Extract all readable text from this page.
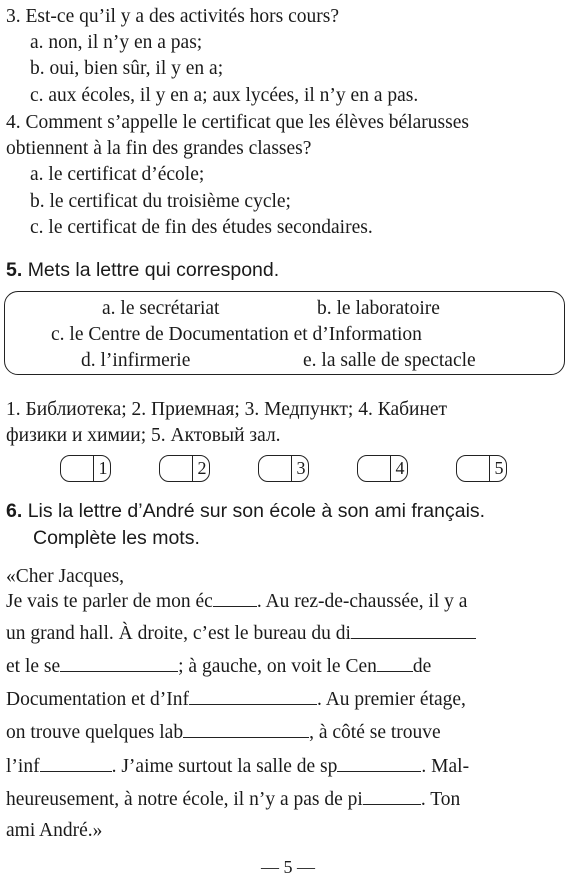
3. Est-ce qu’il y a des activités hors cours?
a. non, il n’y en a pas;
b. oui, bien sûr, il y en a;
c. aux écoles, il y en a; aux lycées, il n’y en a pas.
4. Comment s’appelle le certificat que les élèves bélarusses
obtiennent à la fin des grandes classes?
a. le certificat d’école;
b. le certificat du troisième cycle;
c. le certificat de fin des études secondaires.
5. Mets la lettre qui correspond.
a. le secrétariat	b. le laboratoire
c. le Centre de Documentation et d’Information
d. l’infirmerie	e. la salle de spectacle
1. Библиотека; 2. Приемная; 3. Медпункт; 4. Кабинет
физики и химии; 5. Актовый зал.
1	2	3	4	5
6. Lis la lettre d’André sur son école à son ami français.
Complète les mots.
«Cher Jacques,
Je vais te parler de mon éc . Au rez-de-chaussée, il y a
un grand hall. À droite, c’est le bureau du di
et le se	; à gauche, on voit le Cen de
Documentation et d’Inf	. Au premier étage,
on trouve quelques lab	, à côté se trouve
l’inf	. J’aime surtout la salle de sp	. Mal-
heureusement, à notre école, il n’y a pas de pi	. Ton
ami André.»
— 5 —
